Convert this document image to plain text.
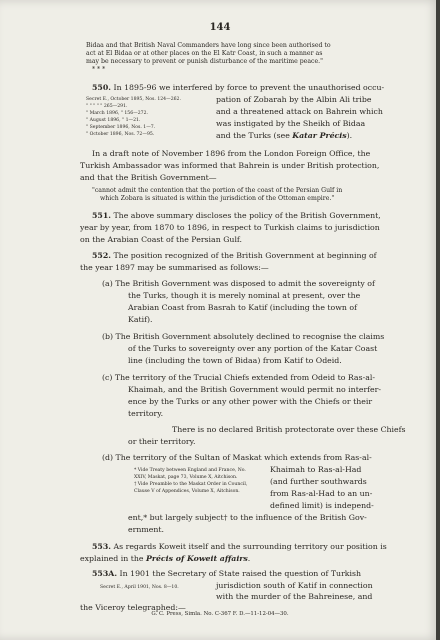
144
Bidaa and that British Naval Commanders have long since been authorised to
act at El Bidaa or at other places on the El Katr Coast, in such a manner as
may be necessary to prevent or punish disturbance of the maritime peace."
* * *
550. In 1895-96 we interfered by force to prevent the unauthorised occu-
Secret E., October 1895, Nos. 124—262.
" " " " " 265—291.
" March 1896, " 156—272.
" August 1896, " 1—21.
" September 1896, Nos. 1—7.
" October 1896, Nos. 72—95.
pation of Zobarah by the Albin Ali tribe
and a threatened attack on Bahrein which
was instigated by the Sheikh of Bidaa
and the Turks (see Katar Précis).
In a draft note of November 1896 from the London Foreign Office, the
Turkish Ambassador was informed that Bahrein is under British protection,
and that the British Government—
"cannot admit the contention that the portion of the coast of the Persian Gulf in
which Zobara is situated is within the jurisdiction of the Ottoman empire."
551. The above summary discloses the policy of the British Government,
year by year, from 1870 to 1896, in respect to Turkish claims to jurisdiction
on the Arabian Coast of the Persian Gulf.
552. The position recognized of the British Government at beginning of
the year 1897 may be summarised as follows:—
(a) The British Government was disposed to admit the sovereignty of
the Turks, though it is merely nominal at present, over the
Arabian Coast from Basrah to Katif (including the town of
Katif).
(b) The British Government absolutely declined to recognise the claims
of the Turks to sovereignty over any portion of the Katar Coast
line (including the town of Bidaa) from Katif to Odeid.
(c) The territory of the Trucial Chiefs extended from Odeid to Ras-al-
Khaimah, and the British Government would permit no interfer-
ence by the Turks or any other power with the Chiefs or their
territory.
There is no declared British protectorate over these Chiefs
or their territory.
(d) The territory of the Sultan of Maskat which extends from Ras-al-
Khaimah to Ras-al-Had
(and further southwards
from Ras-al-Had to an un-
defined limit) is independ-
* Vide Treaty between England and France, No.
XXIV, Maskat, page 73, Volume X, Aitchison.
† Vide Preamble to the Maskat Order in Council,
Clause V of Appendices, Volume X, Aitchison.
ent,* but largely subject† to the influence of the British Gov-
ernment.
553. As regards Koweit itself and the surrounding territory our position is
explained in the Précis of Koweit affairs.
553A. In 1901 the Secretary of State raised the question of Turkish
Secret E., April 1901, Nos. 8—10.	jurisdiction south of Katif in connection
with the murder of the Bahreinese, and
the Viceroy telegraphed:—
G. C. Press, Simla. No. C-367 F. D.—11-12-04—30.
